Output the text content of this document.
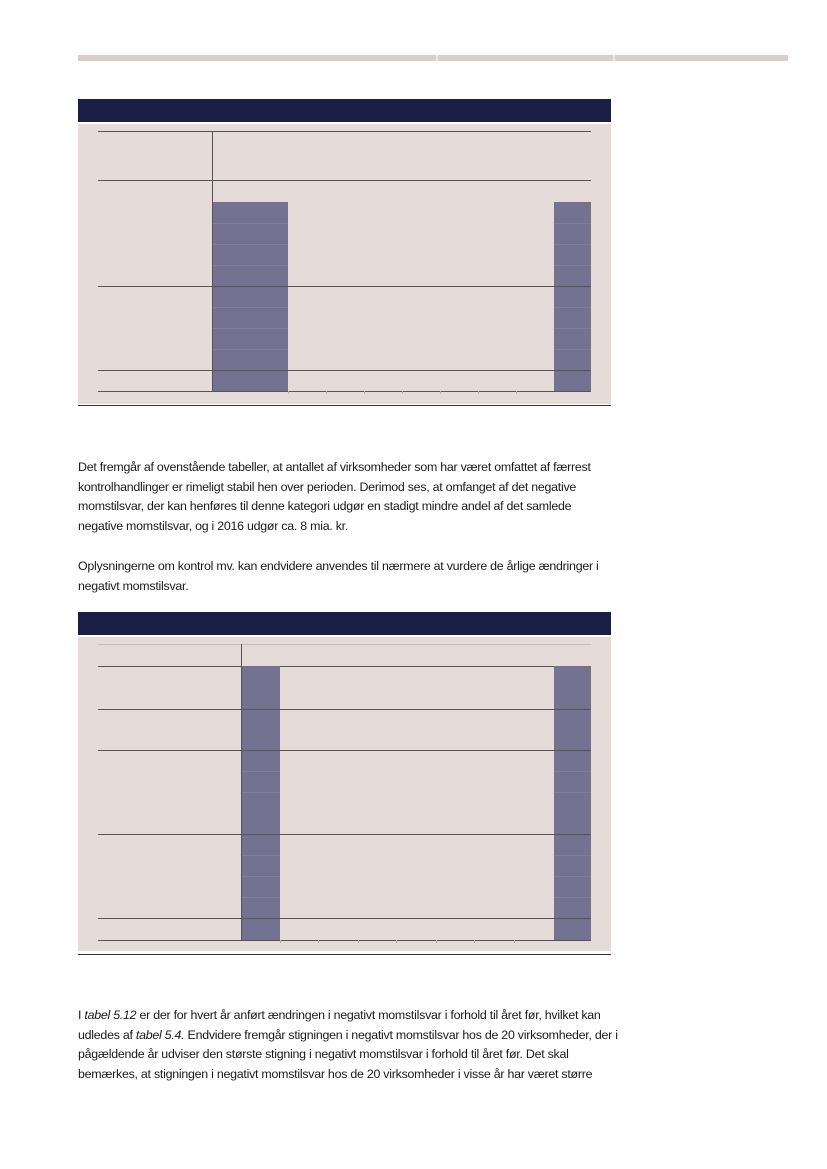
Det fremgår af ovenstående tabeller, at antallet af virksomheder som har været omfattet af færrest kontrolhandlinger er rimeligt stabil hen over perioden. Derimod ses, at omfanget af det negative momstilsvar, der kan henføres til denne kategori udgør en stadigt mindre andel af det samlede negative momstilsvar, og i 2016 udgør ca. 8 mia. kr.

Oplysningerne om kontrol mv. kan endvidere anvendes til nærmere at vurdere de årlige ændringer i negativt momstilsvar.

I tabel 5.12 er der for hvert år anført ændringen i negativt momstilsvar i forhold til året før, hvilket kan udledes af tabel 5.4. Endvidere fremgår stigningen i negativt momstilsvar hos de 20 virksomheder, der i pågældende år udviser den største stigning i negativt momstilsvar i forhold til året før. Det skal bemærkes, at stigningen i negativt momstilsvar hos de 20 virksomheder i visse år har været større
